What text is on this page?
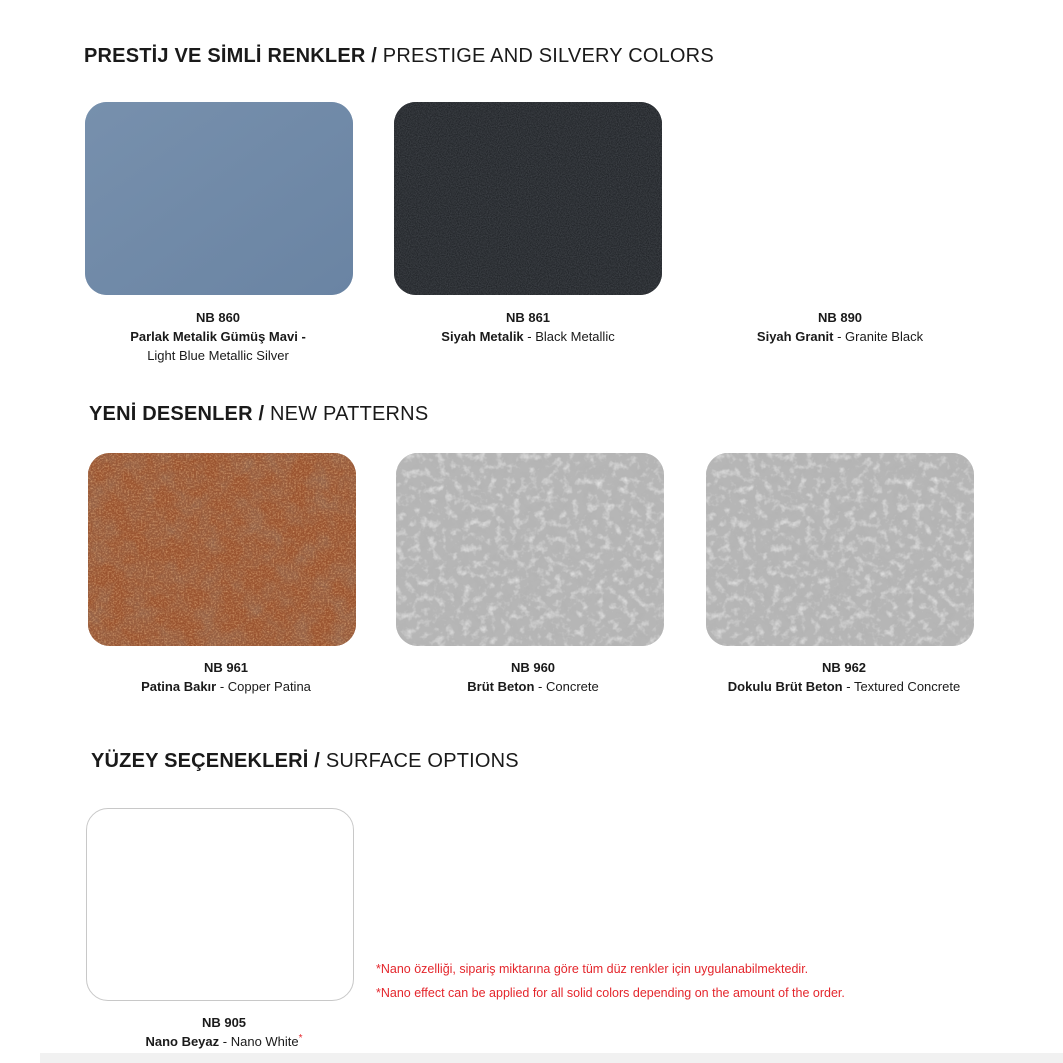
PRESTİJ VE SİMLİ RENKLER / PRESTIGE AND SILVERY COLORS
NB 860
Parlak Metalik Gümüş Mavi -
Light Blue Metallic Silver
NB 861
Siyah Metalik - Black Metallic
NB 890
Siyah Granit - Granite Black
YENİ DESENLER / NEW PATTERNS
NB 961
Patina Bakır - Copper Patina
NB 960
Brüt Beton - Concrete
NB 962
Dokulu Brüt Beton - Textured Concrete
YÜZEY SEÇENEKLERİ / SURFACE OPTIONS
*Nano özelliği, sipariş miktarına göre tüm düz renkler için uygulanabilmektedir.
*Nano effect can be applied for all solid colors depending on the amount of the order.
NB 905
Nano Beyaz - Nano White*
